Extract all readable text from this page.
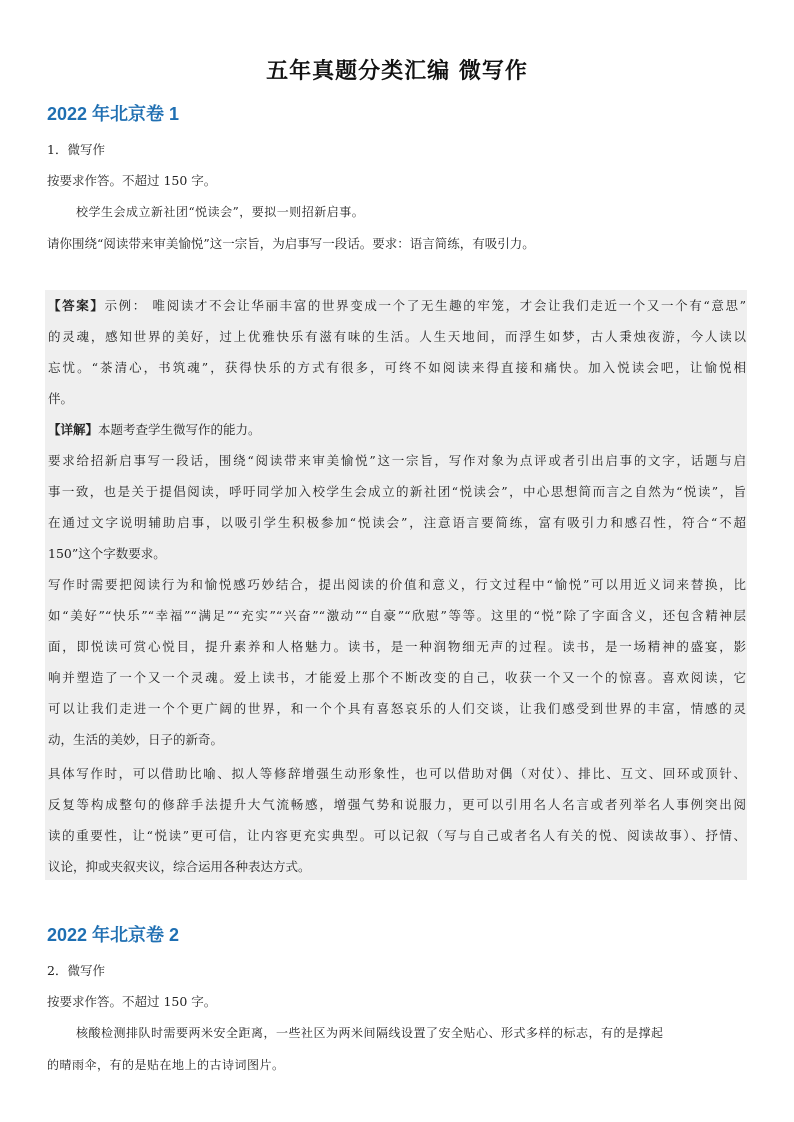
五年真题分类汇编 微写作
2022 年北京卷 1
1．微写作
按要求作答。不超过 150 字。
校学生会成立新社团“悦读会”，要拟一则招新启事。
请你围绕“阅读带来审美愉悦”这一宗旨，为启事写一段话。要求：语言简练，有吸引力。
【答案】示例： 唯阅读才不会让华丽丰富的世界变成一个了无生趣的牢笼，才会让我们走近一个又一个有“意思”
的灵魂，感知世界的美好，过上优雅快乐有滋有味的生活。人生天地间，而浮生如梦，古人秉烛夜游，今人读以
忘忧。“茶清心，书筑魂”，获得快乐的方式有很多，可终不如阅读来得直接和痛快。加入悦读会吧，让愉悦相
伴。
【详解】本题考查学生微写作的能力。
要求给招新启事写一段话，围绕“阅读带来审美愉悦”这一宗旨，写作对象为点评或者引出启事的文字，话题与启
事一致，也是关于提倡阅读，呼吁同学加入校学生会成立的新社团“悦读会”，中心思想简而言之自然为“悦读”，旨
在通过文字说明辅助启事，以吸引学生积极参加“悦读会”，注意语言要简练，富有吸引力和感召性，符合“不超
150”这个字数要求。
写作时需要把阅读行为和愉悦感巧妙结合，提出阅读的价值和意义，行文过程中“愉悦”可以用近义词来替换，比
如“美好”“快乐”“幸福”“满足”“充实”“兴奋”“激动”“自豪”“欣慰”等等。这里的“悦”除了字面含义，还包含精神层
面，即悦读可赏心悦目，提升素养和人格魅力。读书，是一种润物细无声的过程。读书，是一场精神的盛宴，影
响并塑造了一个又一个灵魂。爱上读书，才能爱上那个不断改变的自己，收获一个又一个的惊喜。喜欢阅读，它
可以让我们走进一个个更广阔的世界，和一个个具有喜怒哀乐的人们交谈，让我们感受到世界的丰富，情感的灵
动，生活的美妙，日子的新奇。
具体写作时，可以借助比喻、拟人等修辞增强生动形象性，也可以借助对偶（对仗）、排比、互文、回环或顶针、
反复等构成整句的修辞手法提升大气流畅感，增强气势和说服力，更可以引用名人名言或者列举名人事例突出阅
读的重要性，让“悦读”更可信，让内容更充实典型。可以记叙（写与自己或者名人有关的悦、阅读故事）、抒情、
议论，抑或夹叙夹议，综合运用各种表达方式。
2022 年北京卷 2
2．微写作
按要求作答。不超过 150 字。
核酸检测排队时需要两米安全距离，一些社区为两米间隔线设置了安全贴心、形式多样的标志，有的是撑起
的晴雨伞，有的是贴在地上的古诗词图片。
